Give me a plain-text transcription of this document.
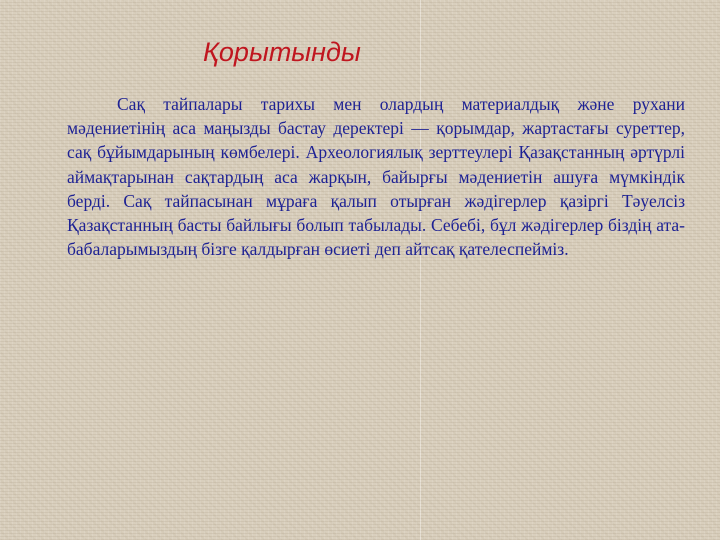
Қорытынды

Сақ тайпалары тарихы мен олардың материалдық және рухани мәдениетінің аса маңызды бастау деректері — қорымдар, жартастағы суреттер, сақ бұйымдарының көмбелері. Археологиялық зерттеулері Қазақстанның әртүрлі аймақтарынан сақтардың аса жарқын, байырғы мәдениетін ашуға мүмкіндік берді. Сақ тайпасынан мұраға қалып отырған жәдігерлер қазіргі Тәуелсіз Қазақстанның басты байлығы болып табылады. Себебі, бұл жәдігерлер біздің ата-бабаларымыздың бізге қалдырған өсиеті деп айтсақ қателеспейміз.
